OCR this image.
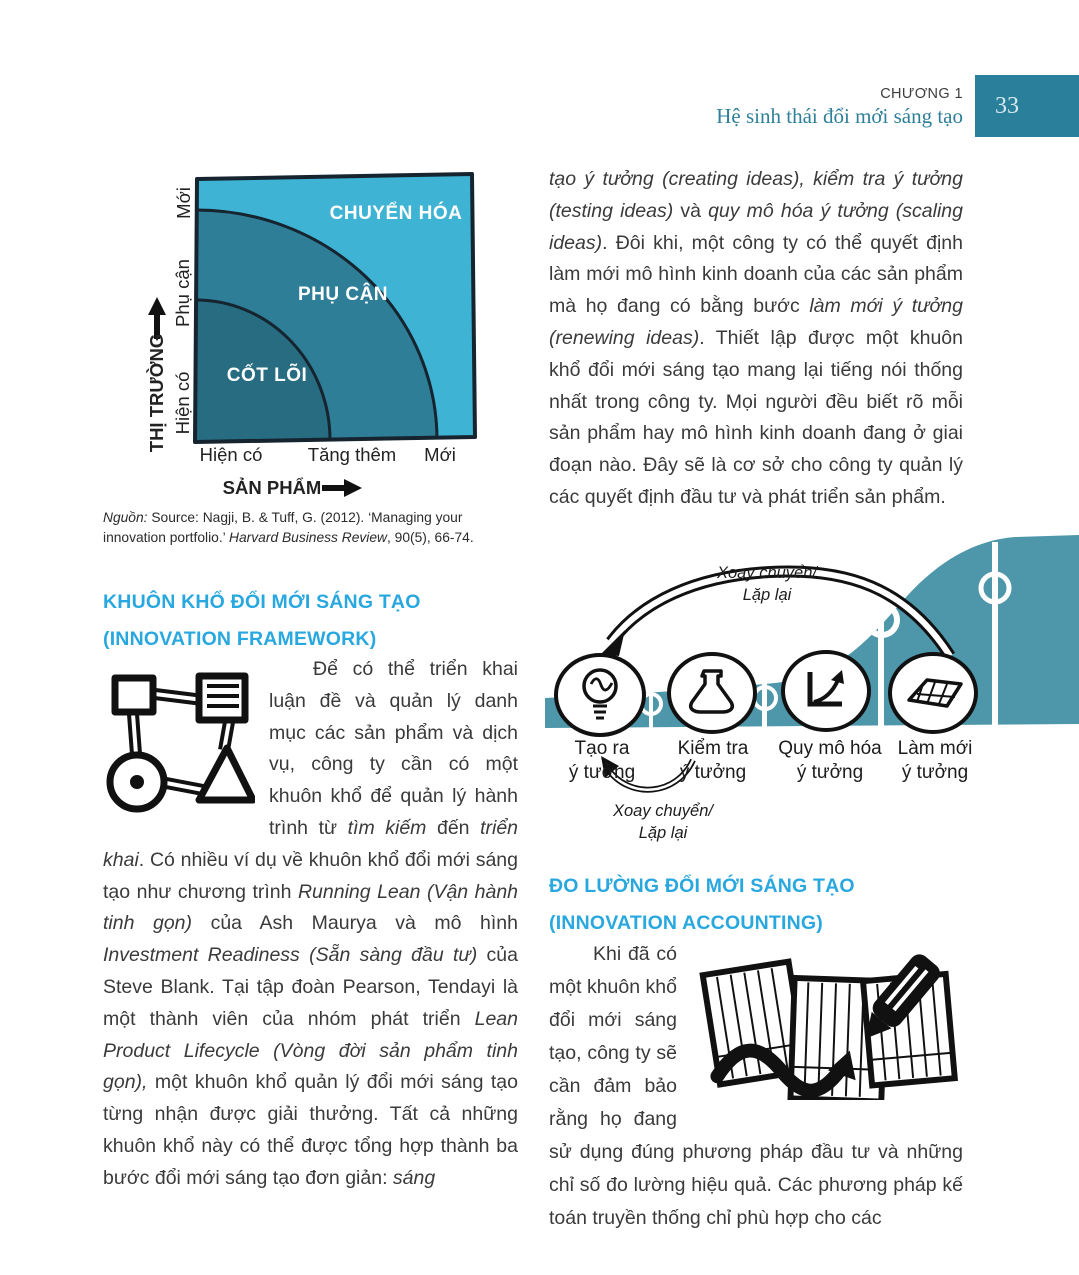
CHƯƠNG 1
Hệ sinh thái đổi mới sáng tạo	33
CHUYỂN HÓA
PHỤ CẬN
CỐT LÕI
Mới
Phụ cận
Hiện có
THỊ TRƯỜNG
Hiện có Tăng thêm Mới
SẢN PHẨM
Nguồn: Source: Nagji, B. & Tuff, G. (2012). ‘Managing your innovation portfolio.’ Harvard Business Review, 90(5), 66-74.
KHUÔN KHỔ ĐỔI MỚI SÁNG TẠO
(INNOVATION FRAMEWORK)
Để có thể triển khai luận đề và quản lý danh mục các sản phẩm và dịch vụ, công ty cần có một khuôn khổ để quản lý hành trình từ tìm kiếm đến triển khai. Có nhiều ví dụ về khuôn khổ đổi mới sáng tạo như chương trình Running Lean (Vận hành tinh gọn) của Ash Maurya và mô hình Investment Readiness (Sẵn sàng đầu tư) của Steve Blank. Tại tập đoàn Pearson, Tendayi là một thành viên của nhóm phát triển Lean Product Lifecycle (Vòng đời sản phẩm tinh gọn), một khuôn khổ quản lý đổi mới sáng tạo từng nhận được giải thưởng. Tất cả những khuôn khổ này có thể được tổng hợp thành ba bước đổi mới sáng tạo đơn giản: sáng
tạo ý tưởng (creating ideas), kiểm tra ý tưởng (testing ideas) và quy mô hóa ý tưởng (scaling ideas). Đôi khi, một công ty có thể quyết định làm mới mô hình kinh doanh của các sản phẩm mà họ đang có bằng bước làm mới ý tưởng (renewing ideas). Thiết lập được một khuôn khổ đổi mới sáng tạo mang lại tiếng nói thống nhất trong công ty. Mọi người đều biết rõ mỗi sản phẩm hay mô hình kinh doanh đang ở giai đoạn nào. Đây sẽ là cơ sở cho công ty quản lý các quyết định đầu tư và phát triển sản phẩm.
Tạo ra
ý tưởng
Kiểm tra
ý tưởng
Quy mô hóa
ý tưởng
Làm mới
ý tưởng
Xoay chuyển/
Lặp lại
Xoay chuyển/
Lặp lại
ĐO LƯỜNG ĐỔI MỚI SÁNG TẠO
(INNOVATION ACCOUNTING)
Khi đã có một khuôn khổ đổi mới sáng tạo, công ty sẽ cần đảm bảo rằng họ đang sử dụng đúng phương pháp đầu tư và những chỉ số đo lường hiệu quả. Các phương pháp kế toán truyền thống chỉ phù hợp cho các
